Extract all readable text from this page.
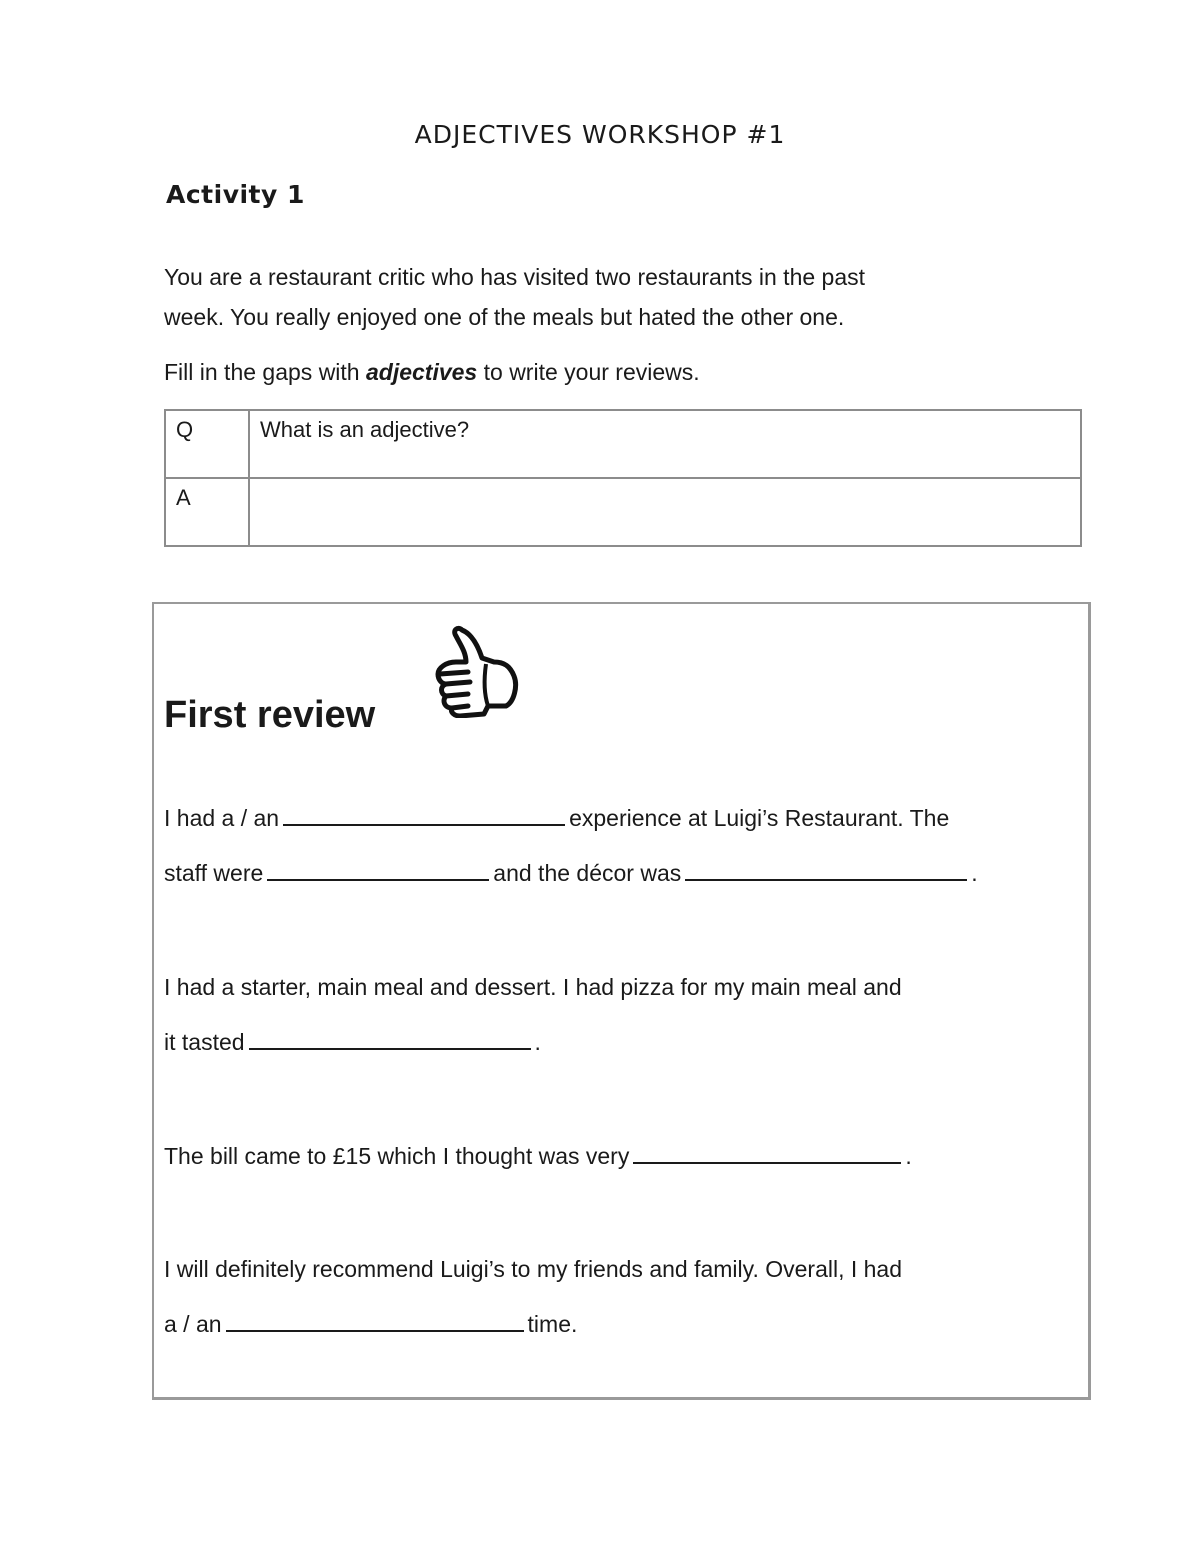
ADJECTIVES WORKSHOP #1
Activity 1
You are a restaurant critic who has visited two restaurants in the past
week. You really enjoyed one of the meals but hated the other one.

Fill in the gaps with adjectives to write your reviews.

Q	What is an adjective?
A	
First review

I had a / an	experience at Luigi’s Restaurant. The

staff were	and the décor was	.

I had a starter, main meal and dessert. I had pizza for my main meal and

it tasted	.

The bill came to £15 which I thought was very	.

I will definitely recommend Luigi’s to my friends and family. Overall, I had

a / an	time.
